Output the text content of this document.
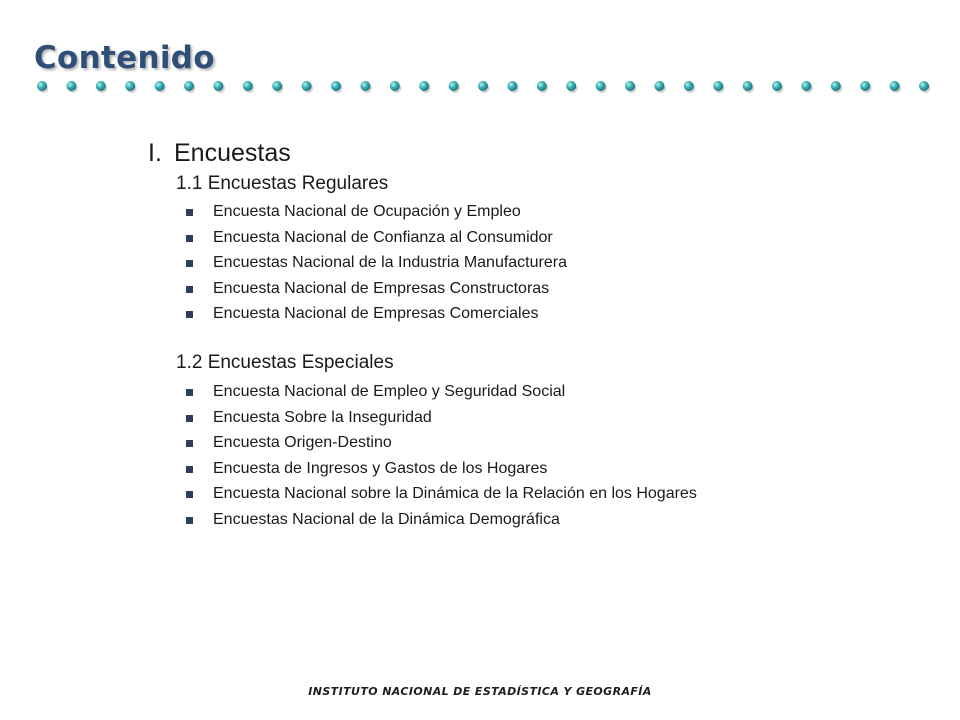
Contenido
I. Encuestas
1.1 Encuestas Regulares
Encuesta Nacional de Ocupación y Empleo
Encuesta Nacional de Confianza al Consumidor
Encuestas Nacional de la Industria Manufacturera
Encuesta Nacional de Empresas Constructoras
Encuesta Nacional de Empresas Comerciales
1.2 Encuestas Especiales
Encuesta Nacional de Empleo y Seguridad Social
Encuesta Sobre la Inseguridad
Encuesta Origen-Destino
Encuesta de Ingresos y Gastos de los Hogares
Encuesta Nacional sobre la Dinámica de la Relación en los Hogares
Encuestas Nacional de la Dinámica Demográfica

INSTITUTO NACIONAL DE ESTADÍSTICA Y GEOGRAFÍA
